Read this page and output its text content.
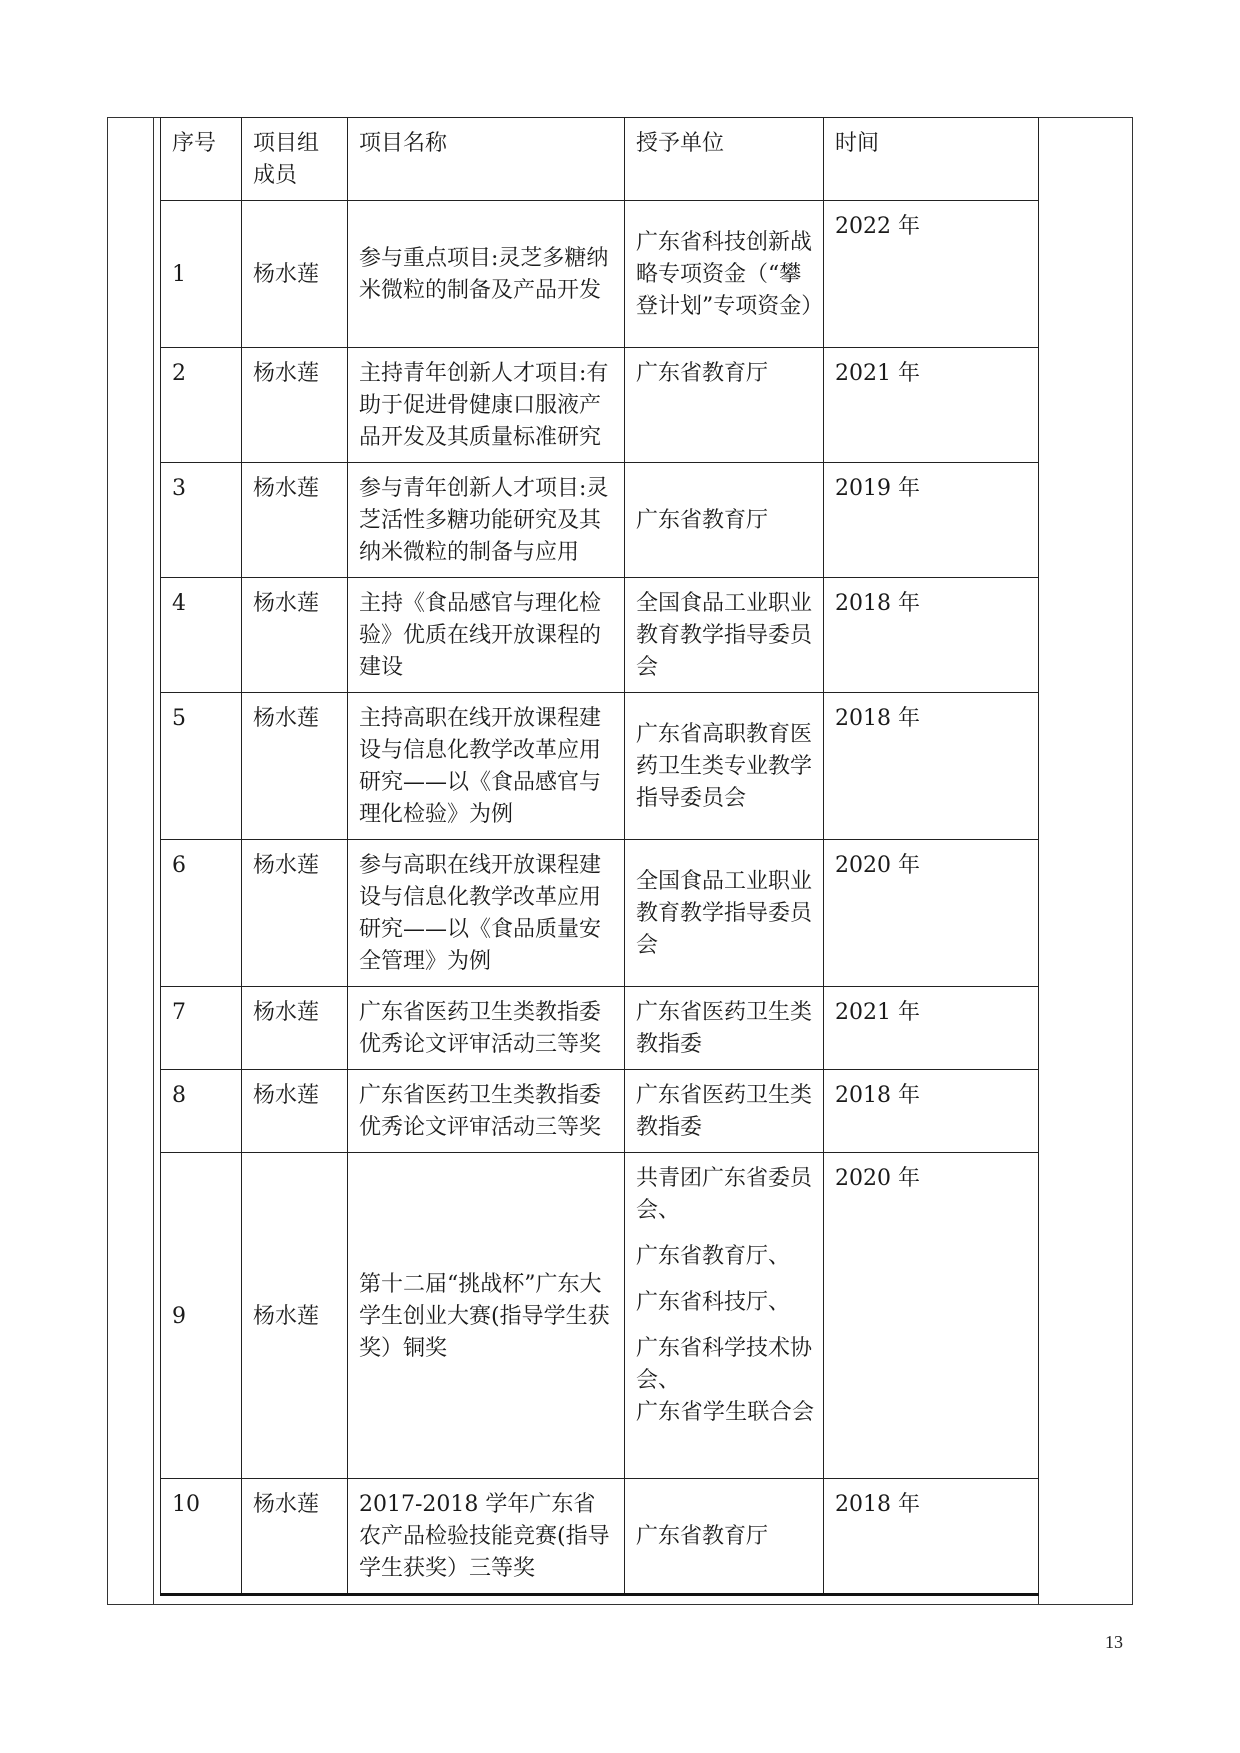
序号	项目组成员	项目名称	授予单位	时间
1	杨水莲	参与重点项目:灵芝多糖纳米微粒的制备及产品开发	广东省科技创新战略专项资金（“攀登计划”专项资金）	2022 年
2	杨水莲	主持青年创新人才项目:有助于促进骨健康口服液产品开发及其质量标准研究	广东省教育厅	2021 年
3	杨水莲	参与青年创新人才项目:灵芝活性多糖功能研究及其纳米微粒的制备与应用	广东省教育厅	2019 年
4	杨水莲	主持《食品感官与理化检验》优质在线开放课程的建设	全国食品工业职业教育教学指导委员会	2018 年
5	杨水莲	主持高职在线开放课程建设与信息化教学改革应用研究——以《食品感官与理化检验》为例	广东省高职教育医药卫生类专业教学指导委员会	2018 年
6	杨水莲	参与高职在线开放课程建设与信息化教学改革应用研究——以《食品质量安全管理》为例	全国食品工业职业教育教学指导委员会	2020 年
7	杨水莲	广东省医药卫生类教指委优秀论文评审活动三等奖	广东省医药卫生类教指委	2021 年
8	杨水莲	广东省医药卫生类教指委优秀论文评审活动三等奖	广东省医药卫生类教指委	2018 年
9	杨水莲	第十二届“挑战杯”广东大学生创业大赛(指导学生获奖）铜奖	共青团广东省委员会、
广东省教育厅、
广东省科技厅、
广东省科学技术协会、
广东省学生联合会	2020 年
10	杨水莲	2017-2018 学年广东省农产品检验技能竞赛(指导学生获奖）三等奖	广东省教育厅	2018 年
13
